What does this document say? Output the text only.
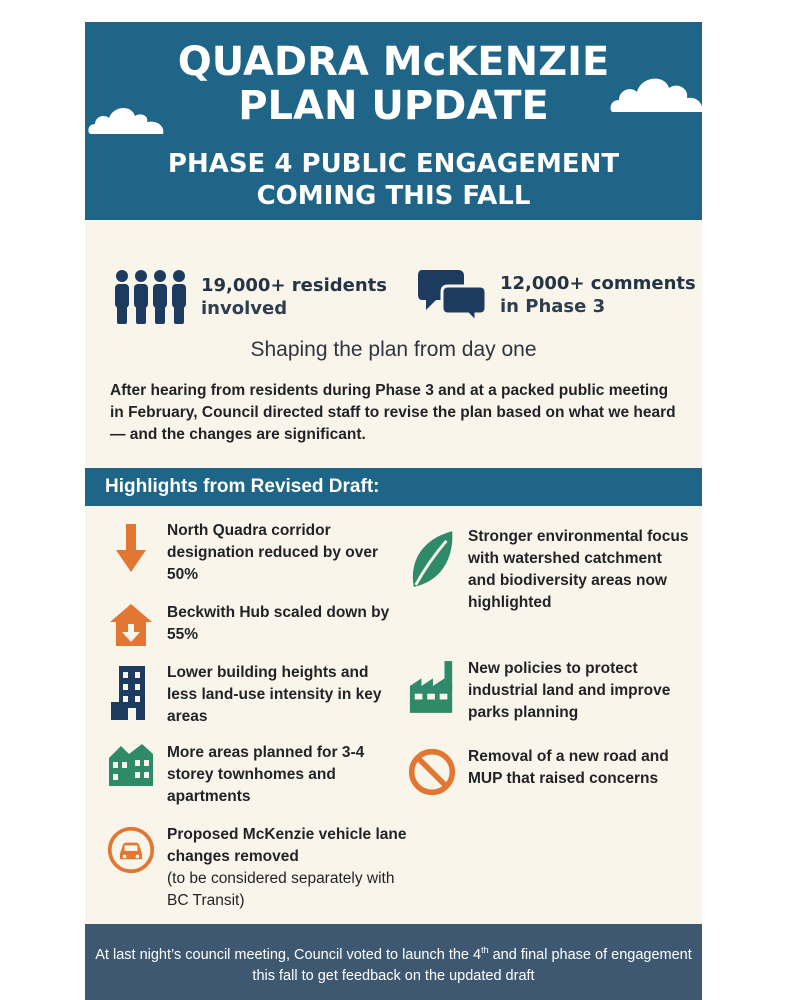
QUADRA McKENZIE
PLAN UPDATE
PHASE 4 PUBLIC ENGAGEMENT
COMING THIS FALL
19,000+ residents
involved
12,000+ comments
in Phase 3
Shaping the plan from day one
After hearing from residents during Phase 3 and at a packed public meeting in February, Council directed staff to revise the plan based on what we heard — and the changes are significant.
Highlights from Revised Draft:
North Quadra corridor designation reduced by over 50%
Beckwith Hub scaled down by 55%
Lower building heights and less land-use intensity in key areas
More areas planned for 3-4 storey townhomes and apartments
Proposed McKenzie vehicle lane changes removed
(to be considered separately with BC Transit)
Stronger environmental focus with watershed catchment and biodiversity areas now highlighted
New policies to protect industrial land and improve parks planning
Removal of a new road and MUP that raised concerns
At last night’s council meeting, Council voted to launch the 4th and final phase of engagement this fall to get feedback on the updated draft
